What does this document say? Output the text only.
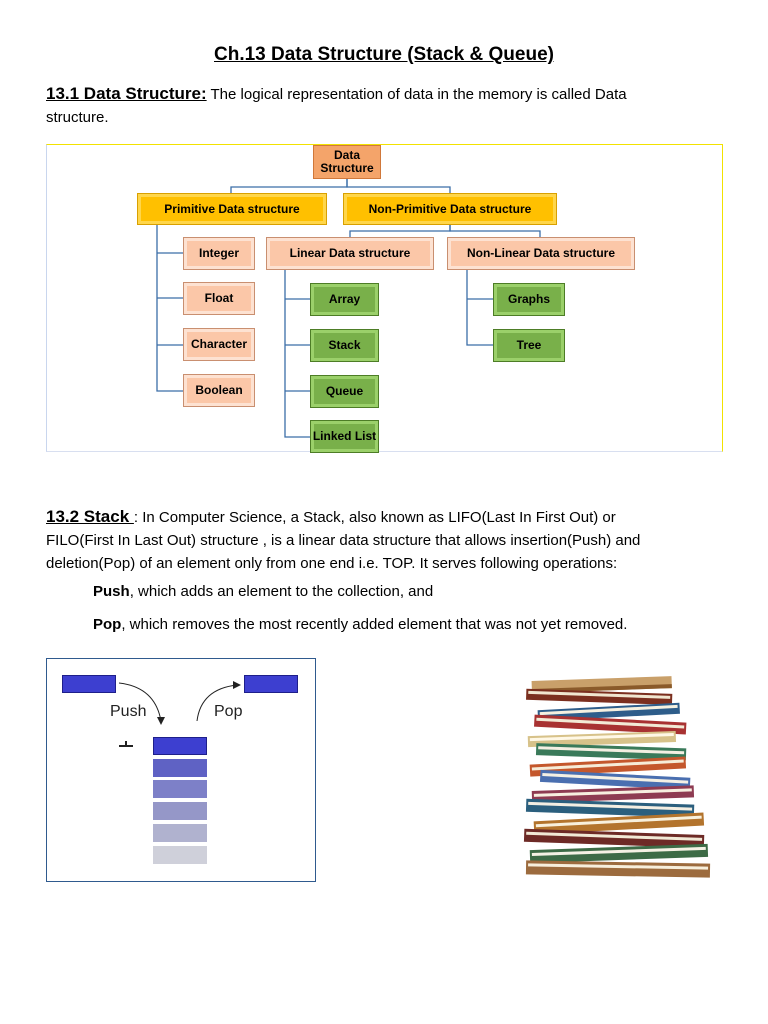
Ch.13 Data Structure (Stack & Queue)
13.1 Data Structure: The logical representation of data in the memory is called Data
structure.
Data Structure
Primitive Data structure	Non-Primitive Data structure
Integer
Float
Character
Boolean
Linear Data structure	Non-Linear Data structure
Array
Stack
Queue
Linked List
Graphs
Tree
13.2 Stack : In Computer Science, a Stack, also known as LIFO(Last In First Out) or
FILO(First In Last Out) structure , is a linear data structure that allows insertion(Push) and
deletion(Pop) of an element only from one end i.e. TOP. It serves following operations:
Push, which adds an element to the collection, and
Pop, which removes the most recently added element that was not yet removed.
Push	Pop
